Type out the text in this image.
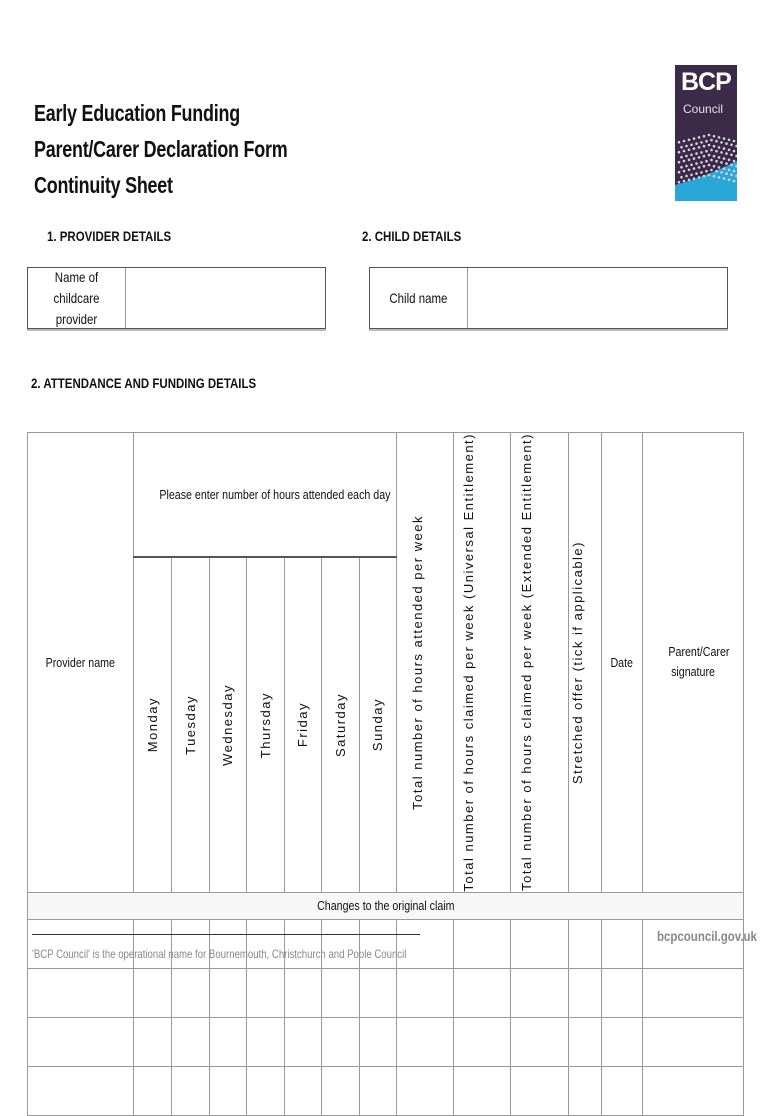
Early Education Funding
Parent/Carer Declaration Form
Continuity Sheet
BCP
Council
1. PROVIDER DETAILS	2. CHILD DETAILS
Name of childcare provider
Child name
2. ATTENDANCE AND FUNDING DETAILS
Provider name	Please enter number of hours attended each day							Total number of hours attended per week	Total number of hours claimed per week (Universal Entitlement)	Total number of hours claimed per week (Extended Entitlement)	Stretched offer (tick if applicable)	Date	Parent/Carer signature

	Monday	Tuesday	Wednesday	Thursday	Friday	Saturday	Sunday						

Changes to the original claim													

'BCP Council' is the operational name for Bournemouth, Christchurch and Poole Council
bcpcouncil.gov.uk
